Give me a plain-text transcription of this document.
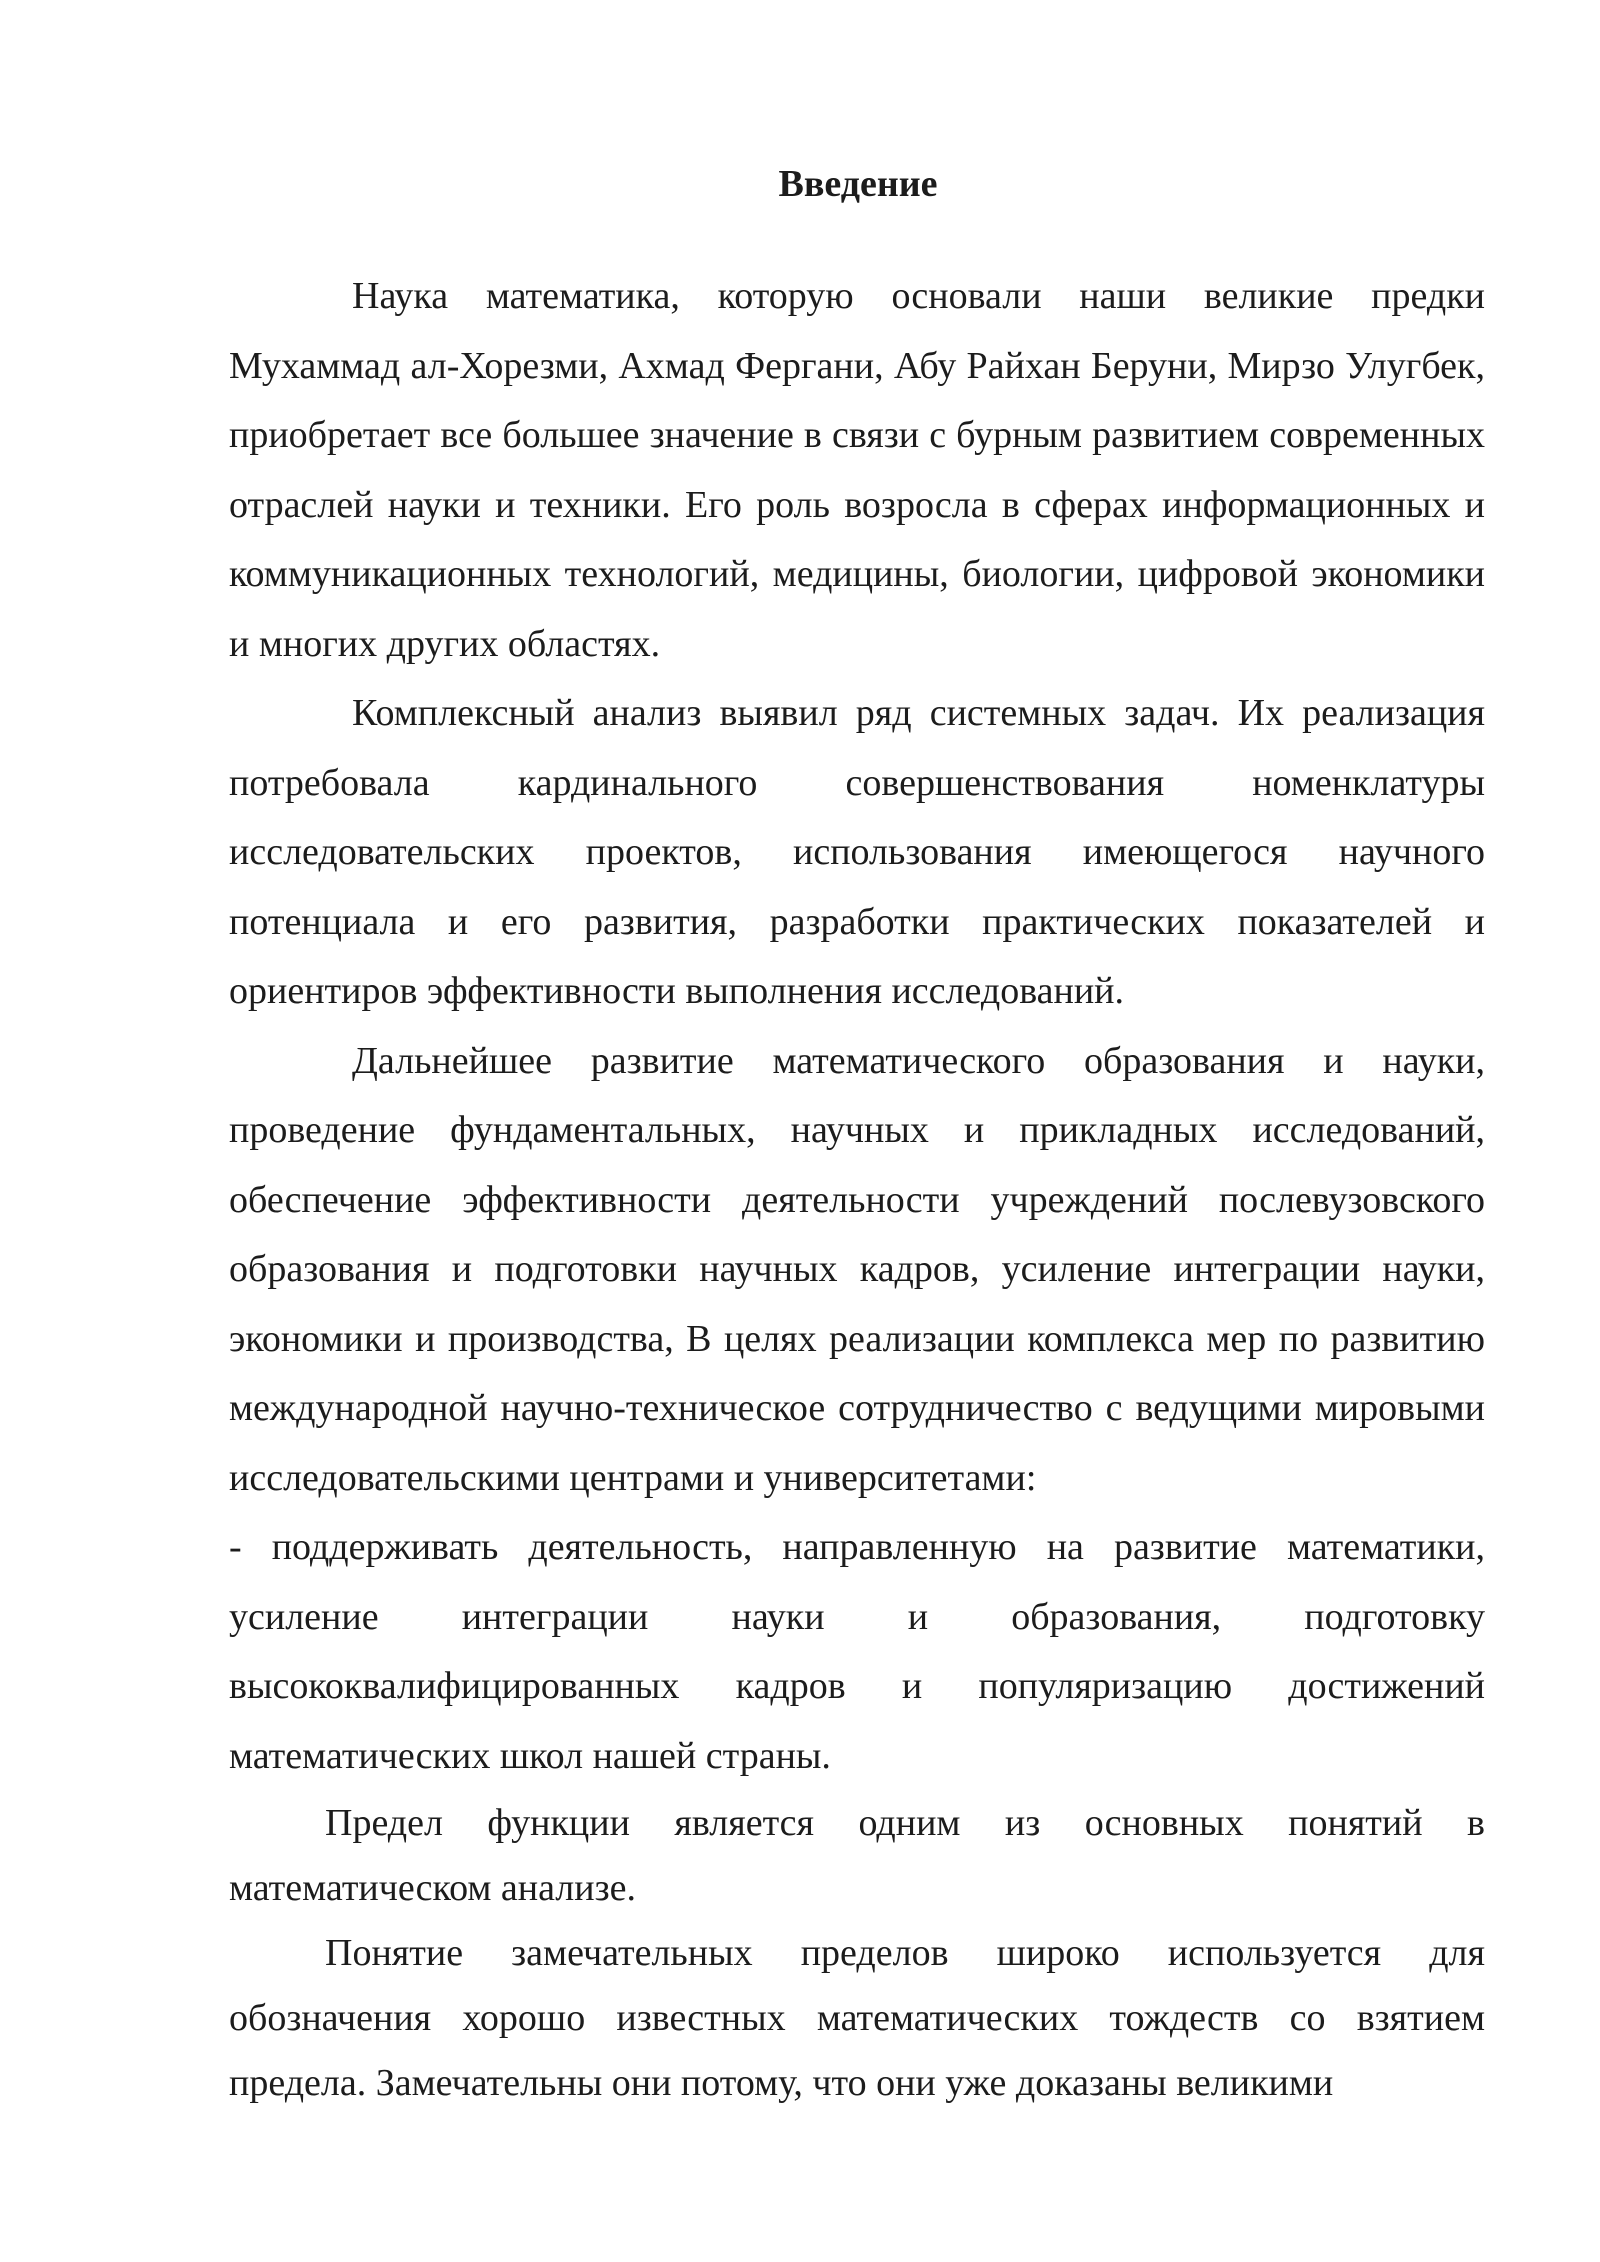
Введение

Наука математика, которую основали наши великие предки Мухаммад ал-Хорезми, Ахмад Фергани, Абу Райхан Беруни, Мирзо Улугбек, приобретает все большее значение в связи с бурным развитием современных отраслей науки и техники. Его роль возросла в сферах информационных и коммуникационных технологий, медицины, биологии, цифровой экономики и многих других областях.

Комплексный анализ выявил ряд системных задач. Их реализация потребовала кардинального совершенствования номенклатуры исследовательских проектов, использования имеющегося научного потенциала и его развития, разработки практических показателей и ориентиров эффективности выполнения исследований.

Дальнейшее развитие математического образования и науки, проведение фундаментальных, научных и прикладных исследований, обеспечение эффективности деятельности учреждений послевузовского образования и подготовки научных кадров, усиление интеграции науки, экономики и производства, В целях реализации комплекса мер по развитию международной научно-техническое сотрудничество с ведущими мировыми исследовательскими центрами и университетами:

- поддерживать деятельность, направленную на развитие математики, усиление интеграции науки и образования, подготовку высококвалифицированных кадров и популяризацию достижений математических школ нашей страны.

Предел функции является одним из основных понятий в математическом анализе.

Понятие замечательных пределов широко используется для обозначения хорошо известных математических тождеств со взятием предела. Замечательны они потому, что они уже доказаны великими
